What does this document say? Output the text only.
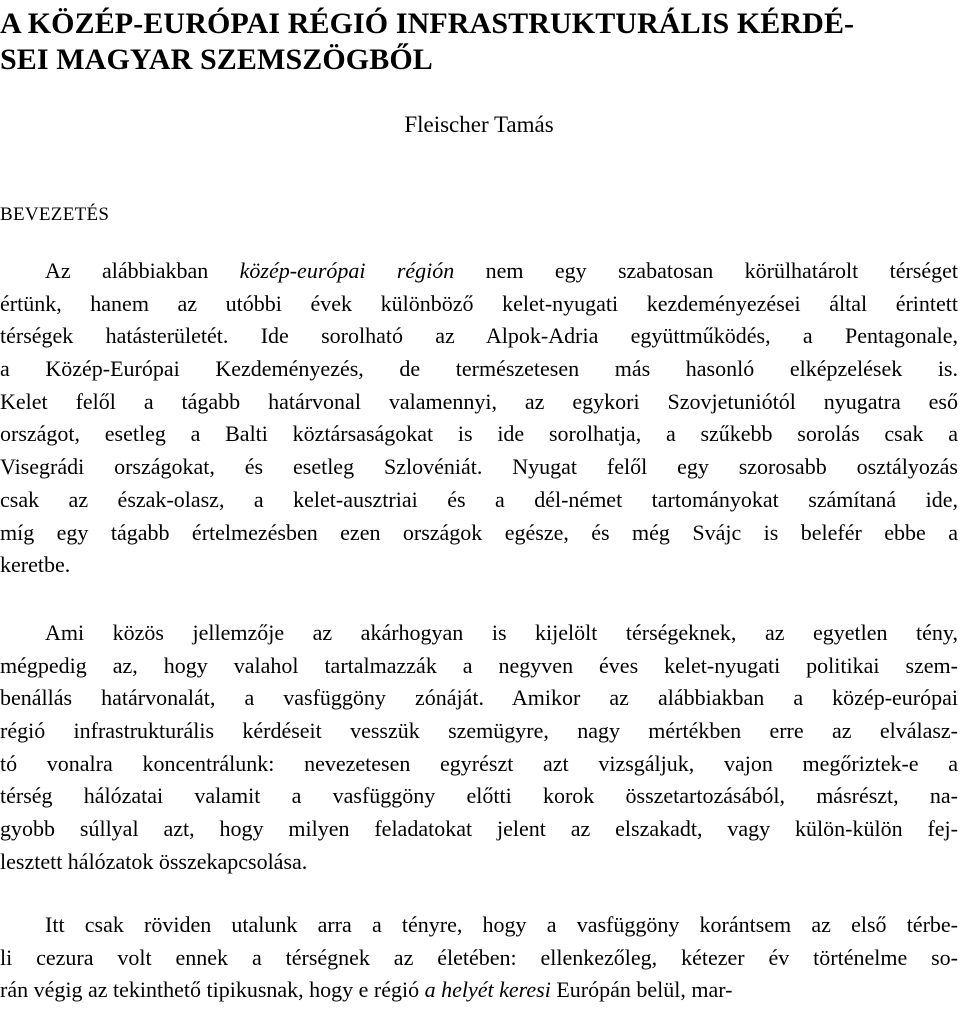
A KÖZÉP-EURÓPAI RÉGIÓ INFRASTRUKTURÁLIS KÉRDÉ-
SEI MAGYAR SZEMSZÖGBŐL

Fleischer Tamás

BEVEZETÉS
Az alábbiakban közép-európai régión nem egy szabatosan körülhatárolt térséget
értünk, hanem az utóbbi évek különböző kelet-nyugati kezdeményezései által érintett
térségek hatásterületét. Ide sorolható az Alpok-Adria együttműködés, a Pentagonale,
a Közép-Európai Kezdeményezés, de természetesen más hasonló elképzelések is.
Kelet felől a tágabb határvonal valamennyi, az egykori Szovjetuniótól nyugatra eső
országot, esetleg a Balti köztársaságokat is ide sorolhatja, a szűkebb sorolás csak a
Visegrádi országokat, és esetleg Szlovéniát. Nyugat felől egy szorosabb osztályozás
csak az észak-olasz, a kelet-ausztriai és a dél-német tartományokat számítaná ide,
míg egy tágabb értelmezésben ezen országok egésze, és még Svájc is belefér ebbe a
keretbe.
Ami közös jellemzője az akárhogyan is kijelölt térségeknek, az egyetlen tény,
mégpedig az, hogy valahol tartalmazzák a negyven éves kelet-nyugati politikai szem-
benállás határvonalát, a vasfüggöny zónáját. Amikor az alábbiakban a közép-európai
régió infrastrukturális kérdéseit vesszük szemügyre, nagy mértékben erre az elválasz-
tó vonalra koncentrálunk: nevezetesen egyrészt azt vizsgáljuk, vajon megőriztek-e a
térség hálózatai valamit a vasfüggöny előtti korok összetartozásából, másrészt, na-
gyobb súllyal azt, hogy milyen feladatokat jelent az elszakadt, vagy külön-külön fej-
lesztett hálózatok összekapcsolása.
Itt csak röviden utalunk arra a tényre, hogy a vasfüggöny korántsem az első térbe-
li cezura volt ennek a térségnek az életében: ellenkezőleg, kétezer év történelme so-
rán végig az tekinthető tipikusnak, hogy e régió a helyét keresi Európán belül, mar-
